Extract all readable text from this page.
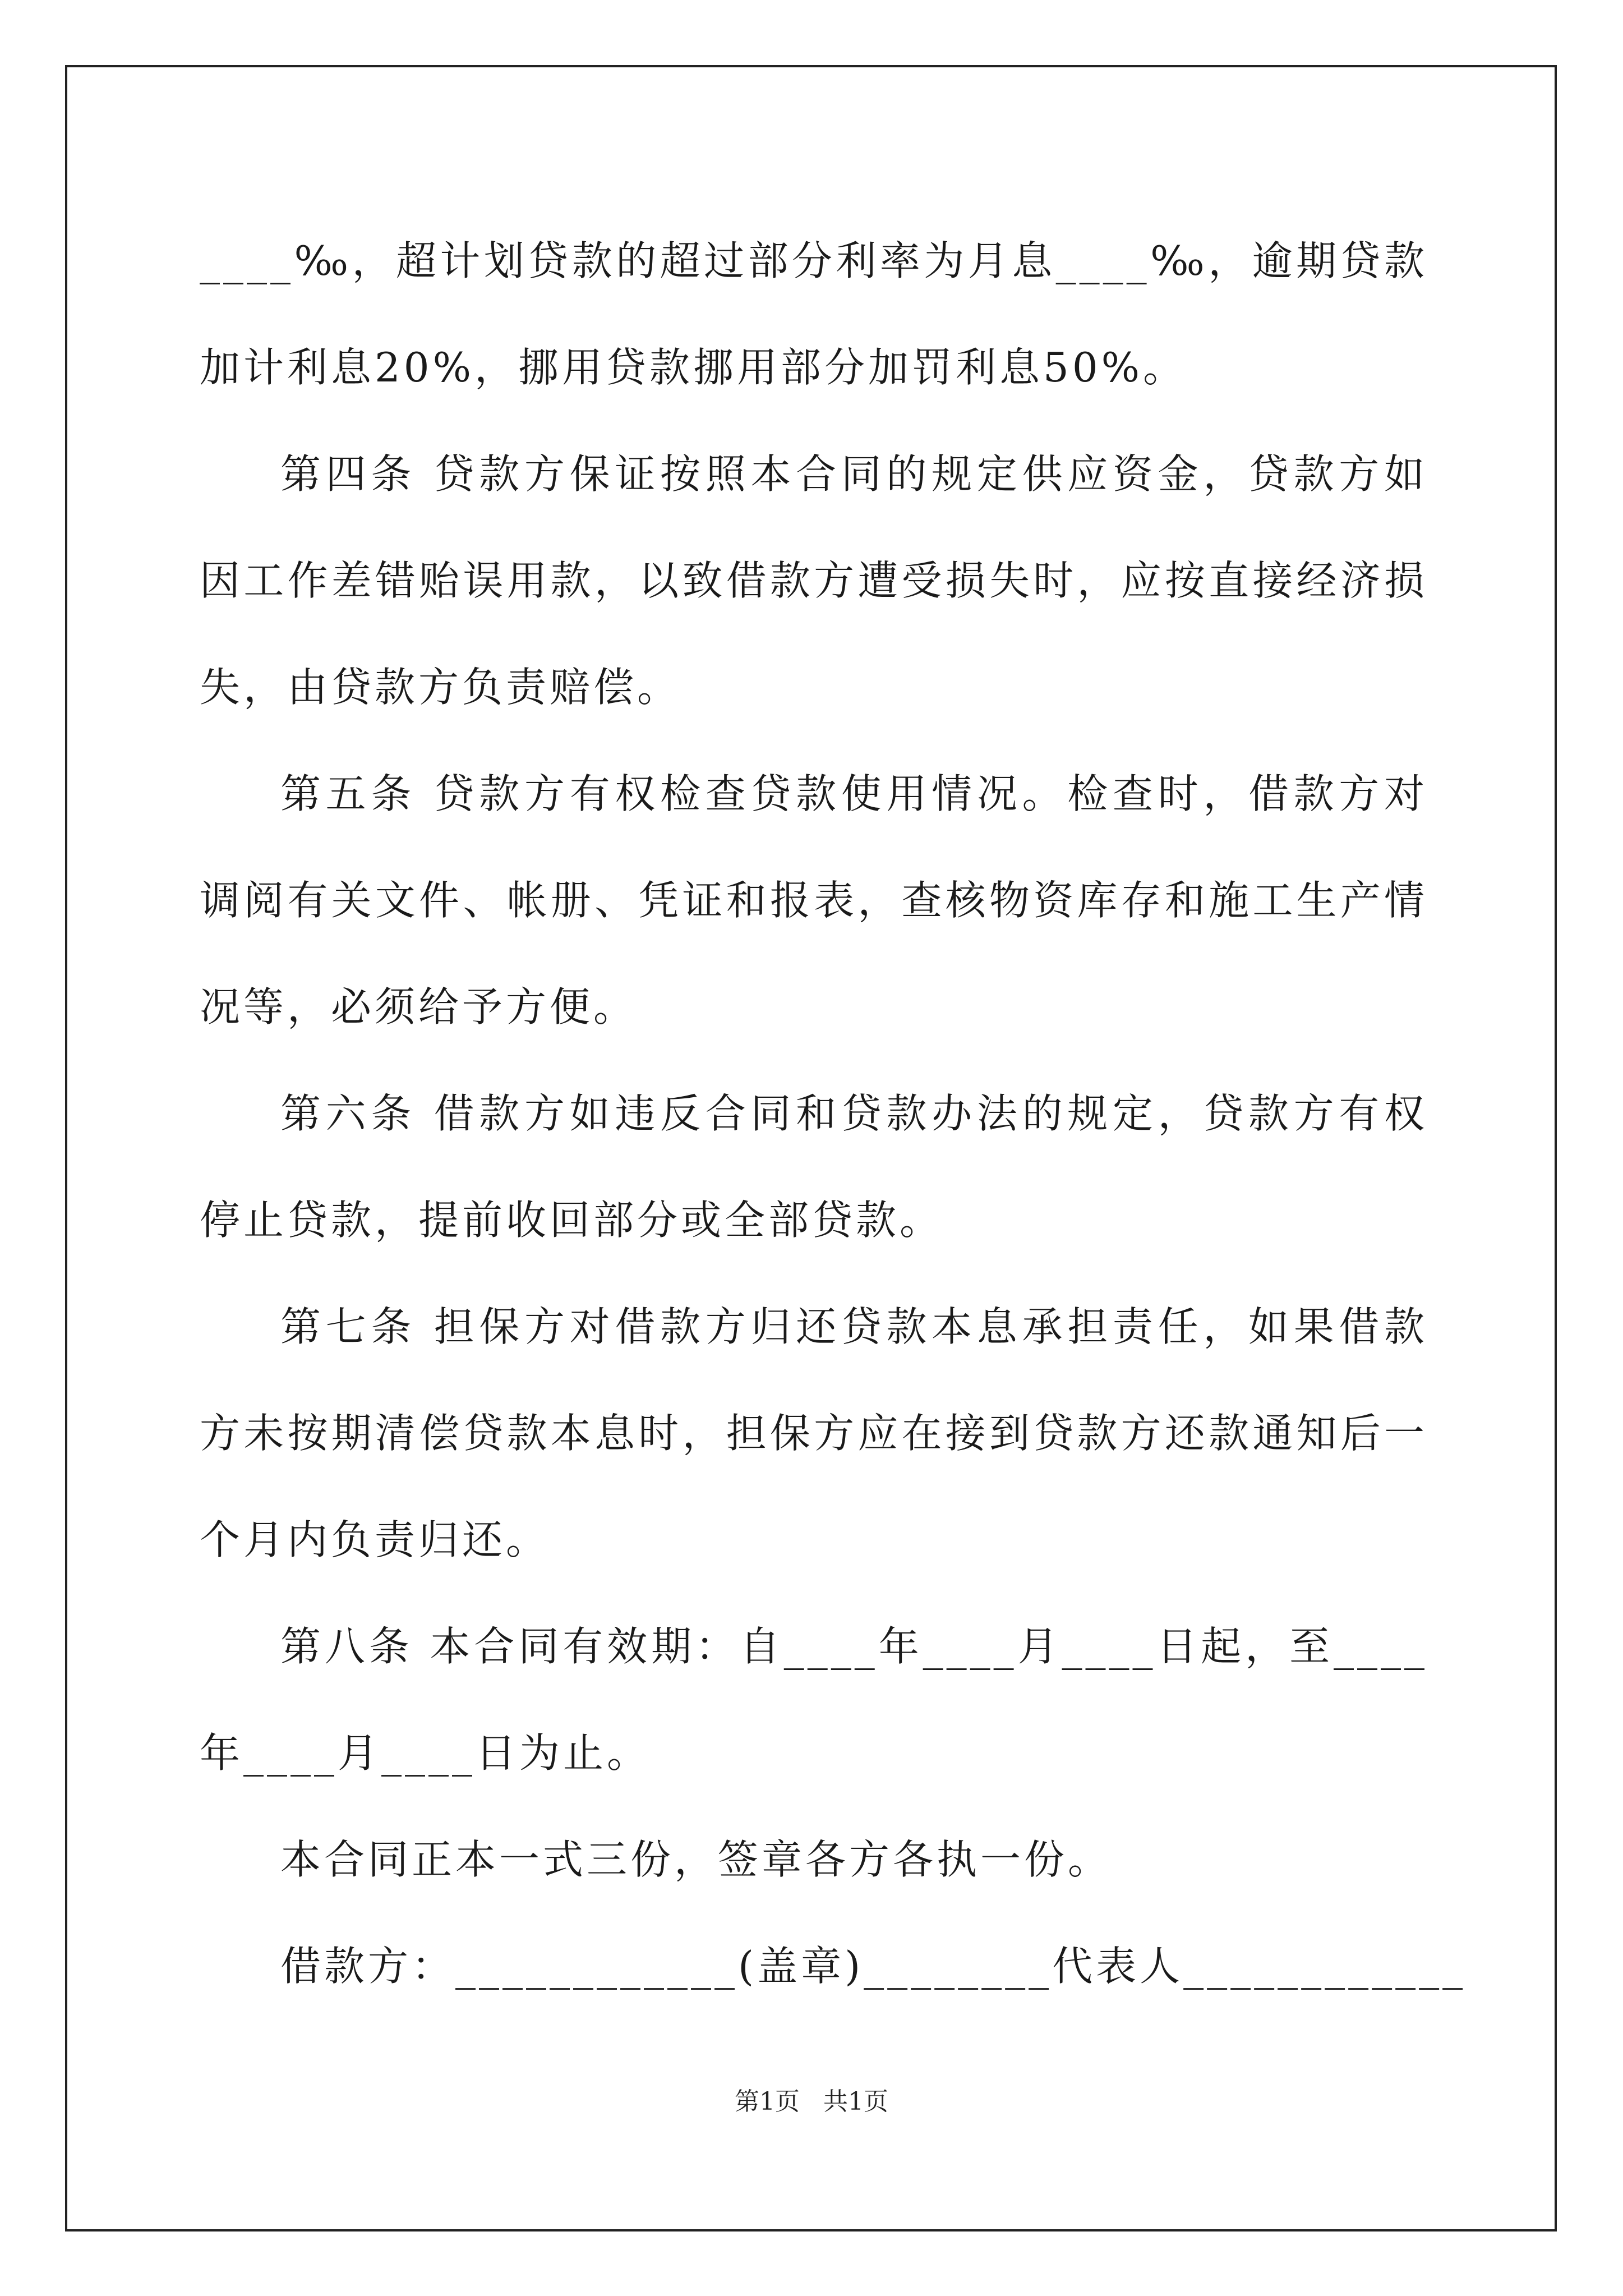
____‰，超计划贷款的超过部分利率为月息____‰，逾期贷款加计利息20%，挪用贷款挪用部分加罚利息50%。

第四条 贷款方保证按照本合同的规定供应资金，贷款方如因工作差错贻误用款，以致借款方遭受损失时，应按直接经济损失，由贷款方负责赔偿。

第五条 贷款方有权检查贷款使用情况。检查时，借款方对调阅有关文件、帐册、凭证和报表，查核物资库存和施工生产情况等，必须给予方便。

第六条 借款方如违反合同和贷款办法的规定，贷款方有权停止贷款，提前收回部分或全部贷款。

第七条 担保方对借款方归还贷款本息承担责任，如果借款方未按期清偿贷款本息时，担保方应在接到贷款方还款通知后一个月内负责归还。

第八条 本合同有效期：自____年____月____日起，至____年____月____日为止。

本合同正本一式三份，签章各方各执一份。

借款方：____________(盖章)________代表人____________

第1页   共1页
